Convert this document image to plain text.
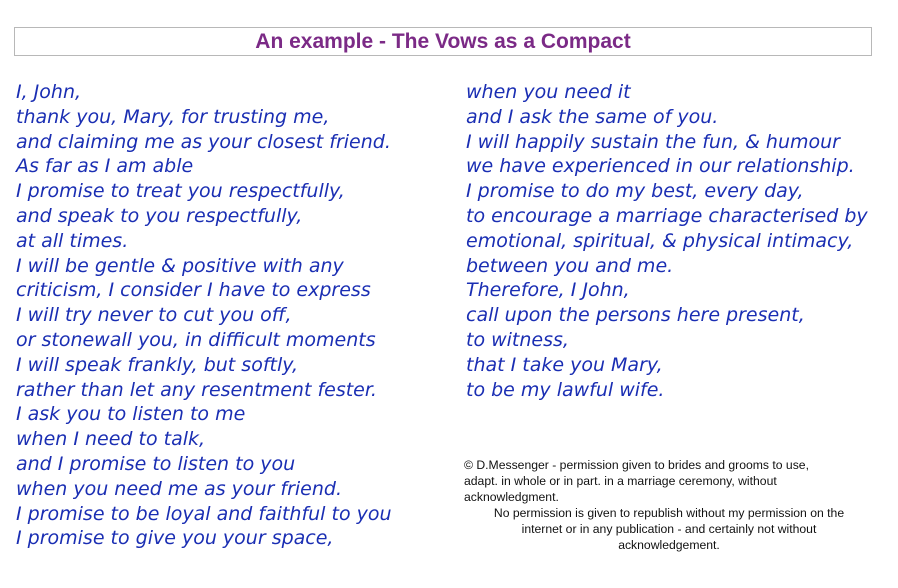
An example - The Vows as a Compact
I, John,
thank you, Mary, for trusting me,
and claiming me as your closest friend.
As far as I am able
I promise to treat you respectfully,
and speak to you respectfully,
at all times.
I will be gentle & positive with any
criticism, I consider I have to express
I will try never to cut you off,
or stonewall you, in difficult moments
I will speak frankly, but softly,
rather than let any resentment fester.
I ask you to listen to me
when I need to talk,
and I promise to listen to you
when you need me as your friend.
I promise to be loyal and faithful to you
I promise to give you your space,
when you need it
and I ask the same of you.
I will happily sustain the fun, & humour
we have experienced in our relationship.
I promise to do my best, every day,
to encourage a marriage characterised by
emotional, spiritual, & physical intimacy,
between you and me.
Therefore, I John,
call upon the persons here present,
to witness,
that I take you Mary,
to be my lawful wife.
© D.Messenger - permission given to brides and grooms to use,
adapt. in whole or in part. in a marriage ceremony, without
acknowledgment.
No permission is given to republish without my permission on the
internet or in any publication - and certainly not without
acknowledgement.
